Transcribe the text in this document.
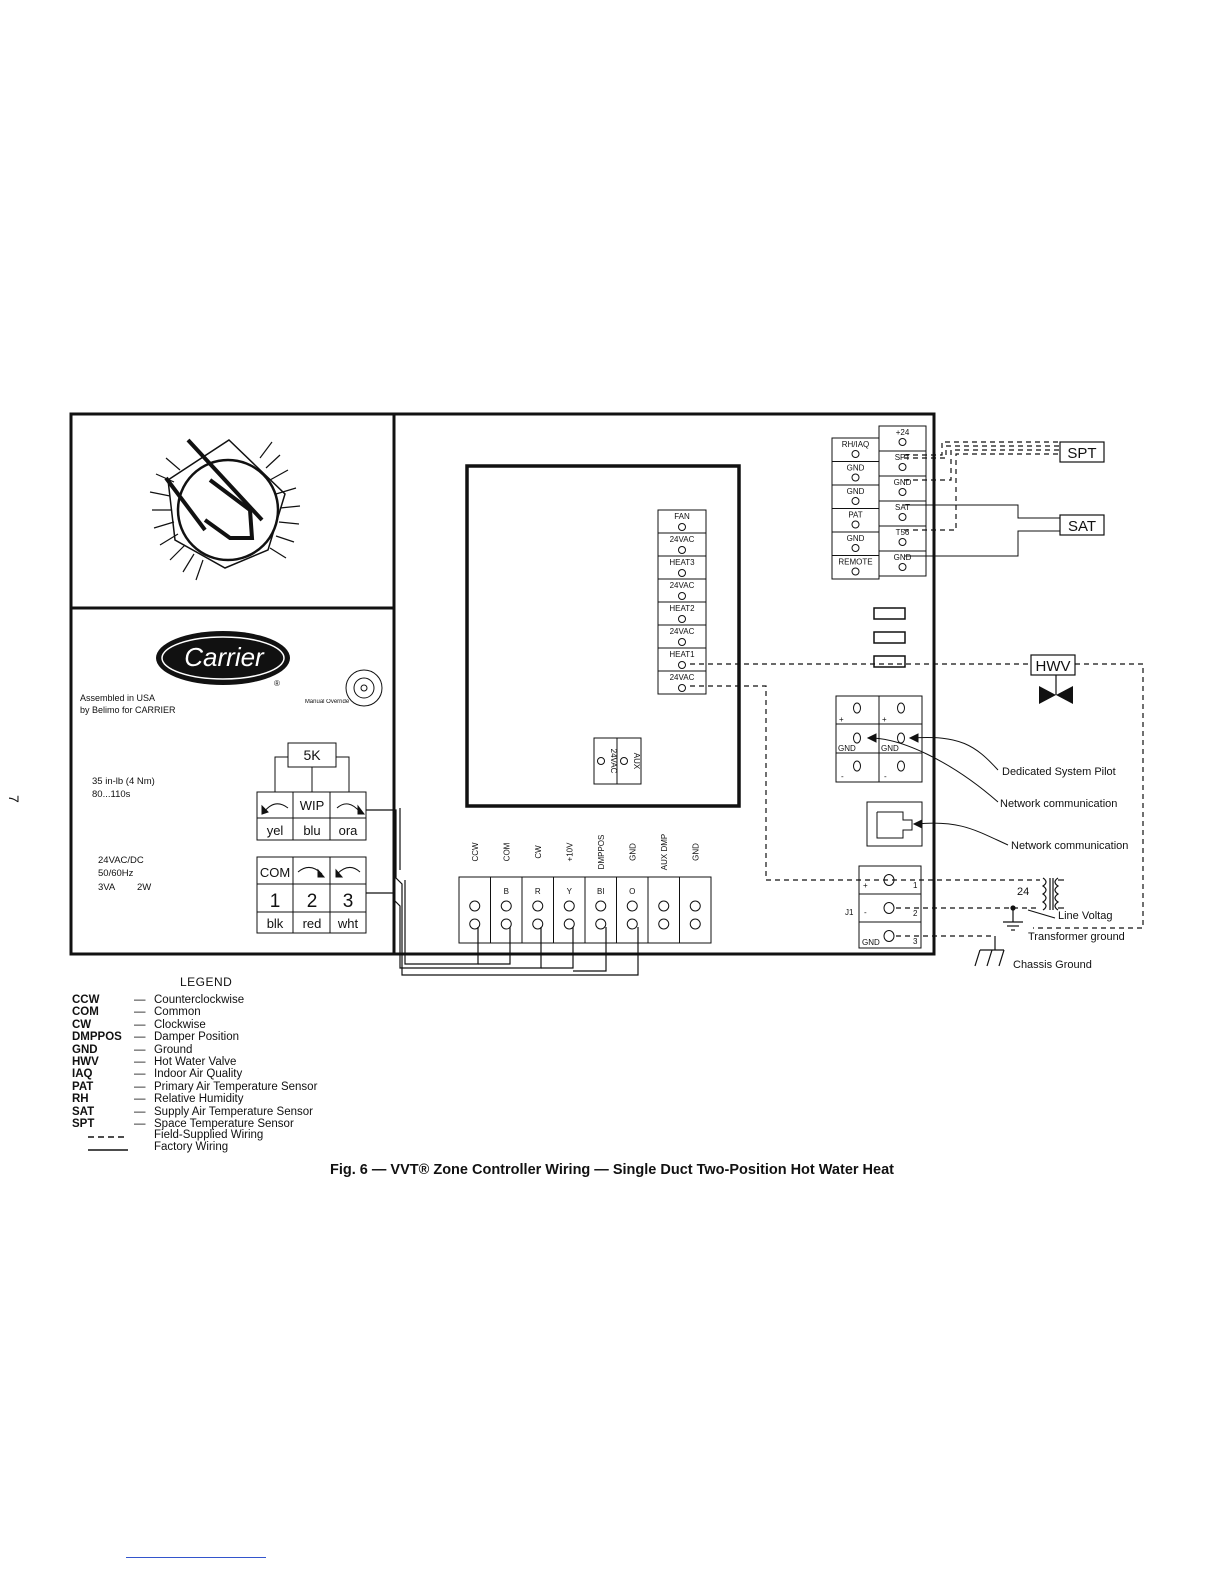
7
Carrier
®
Assembled in USA
by Belimo for CARRIER
Manual Override
35 in-lb (4 Nm)
80...110s
24VAC/DC
50/60Hz
3VA 2W
5K
WIP
yel blu ora
COM
1 2 3
blk red wht
FAN
24VAC
HEAT3
24VAC
HEAT2
24VAC
HEAT1
24VAC
24VAC AUX
RH/IAQ
GND
GND
PAT
GND
REMOTE
+24
SPT
GND
SAT
T56
GND
+	+
GND	GND
-	-
J1
+
-
GND
1
2
3
CCW	COM
B
CW
R
+10V
Y
DMPPOS
BI
GND
O
AUX DMP	GND
SPT
SAT
HWV
24
Dedicated System Pilot
Network communication
Network communication
Line Voltag
Transformer ground
Chassis Ground
LEGEND
CCW	— Counterclockwise
COM	— Common
CW	— Clockwise
DMPPOS — Damper Position
GND	— Ground
HWV	— Hot Water Valve
IAQ	— Indoor Air Quality
PAT	— Primary Air Temperature Sensor
RH	— Relative Humidity
SAT	— Supply Air Temperature Sensor
SPT	— Space Temperature Sensor
Field-Supplied Wiring
Factory Wiring
Fig. 6 — VVT® Zone Controller Wiring — Single Duct Two-Position Hot Water Heat
